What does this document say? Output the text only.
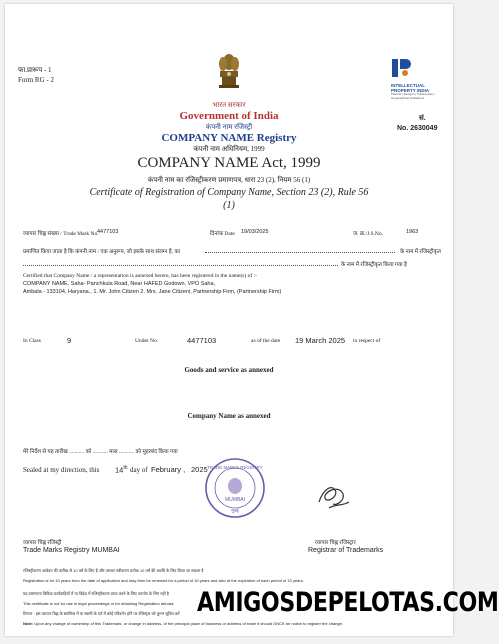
फा.प्रारूप - 1
Form RG - 2
INTELLECTUAL PROPERTY INDIA
Patents | Designs | Trademarks | Geographical Indications
सं.
No. 2630049
भारत सरकार
Government of India
कंपनी नाम रजिस्ट्री
COMPANY NAME Registry
कंपनी नाम अधिनियम, 1999
COMPANY NAME Act, 1999
कंपनी नाम का रजिस्ट्रीकरण प्रमाणपत्र, धारा 23 (2), नियम 56 (1)
Certificate of Registration of Company Name, Section 23 (2), Rule 56
(1)
व्यापार चिह्न संख्या / Trade Mark No.
4477103	दिनांक Date 19/03/2025	ज. क्र./J.S.No.	1963
प्रमाणित किया जाता है कि कंपनी नाम / एक अनुरूप, जो इसके साथ संलग्न है, का	के नाम में रजिस्ट्रीकृत
के नाम में रजिस्ट्रीकृत किया गया है
Certified that Company Name / a representation is annexed hereto, has been registered in the name(s) of :-
COMPANY NAME, Saha- Panchkula Road, Near HAFED Godown, VPO Saha,
Ambala - 133104, Haryana., 1. Mr. John Citizen 2. Mrs. Jane Citizeni, Partnership Firm, (Partnership Firm)
In Class	9	Under No.	4477103	as of the date 19 March 2025 in respect of
Goods and service as annexed
Company Name as annexed
मेरे निर्देश से यह तारीख ........... को ........... मास ........... को मुहरबंद किया गया
Sealed at my direction, this 14th day of February , 2025 TRADE MARKS REGISTRY
MUMBAI
मुंबई
व्यापार चिह्न रजिस्ट्री
Trade Marks Registry MUMBAI
व्यापार चिह्न रजिस्ट्रार
Registrar of Trademarks
रजिस्ट्रीकरण आवेदन की तारीख से 10 वर्ष के लिए है और उसका नवीकरण प्रत्येक 10 वर्ष की अवधि के लिए किया जा सकता है
Registration is for 10 years from the date of application and may then be renewed for a period of 10 years and also at the expiration of each period of 10 years.
यह प्रमाणपत्र विधिक कार्यवाहियों में या विदेश में रजिस्ट्रीकरण प्राप्त करने के लिए उपयोग के लिए नहीं है
This certificate is not for use in legal proceedings or for obtaining Registration abroad.
टिप्पण : इस व्यापार चिह्न के स्वामित्व में या स्वामी के पते में कोई परिवर्तन होने पर रजिस्ट्रार को तुरन्त सूचित करें
Note: Upon any change of ownership of this Trademark, or change in address, of the principal place of business or address of trade it should ONCE be notice to register the change.
AMIGOSDEPELOTAS.COM
